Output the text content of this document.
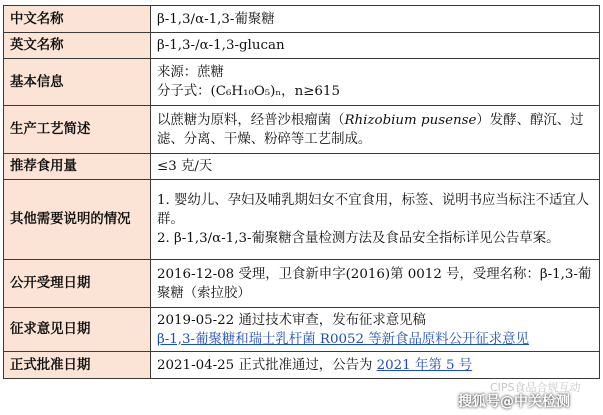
中文名称	β-1,3/α-1,3-葡聚糖

英文名称	β-1,3-/α-1,3-glucan

基本信息	来源：蔗糖
分子式：(C₆H₁₀O₅)ₙ，n≥615

生产工艺简述	以蔗糖为原料，经普沙根瘤菌（Rhizobium pusense）发酵、醇沉、过滤、分离、干燥、粉碎等工艺制成。

推荐食用量	≤3 克/天

其他需要说明的情况	1. 婴幼儿、孕妇及哺乳期妇女不宜食用，标签、说明书应当标注不适宜人群。
2. β-1,3/α-1,3-葡聚糖含量检测方法及食品安全指标详见公告草案。

公开受理日期	2016-12-08 受理，卫食新申字(2016)第 0012 号，受理名称：β-1,3-葡聚糖（索拉胶）

征求意见日期	2019-05-22 通过技术审查，发布征求意见稿
β-1,3-葡聚糖和瑞士乳杆菌 R0052 等新食品原料公开征求意见

正式批准日期	2021-04-25 正式批准通过，公告为 2021 年第 5 号
CIPS食品合规互动
搜狐号@中关检测
